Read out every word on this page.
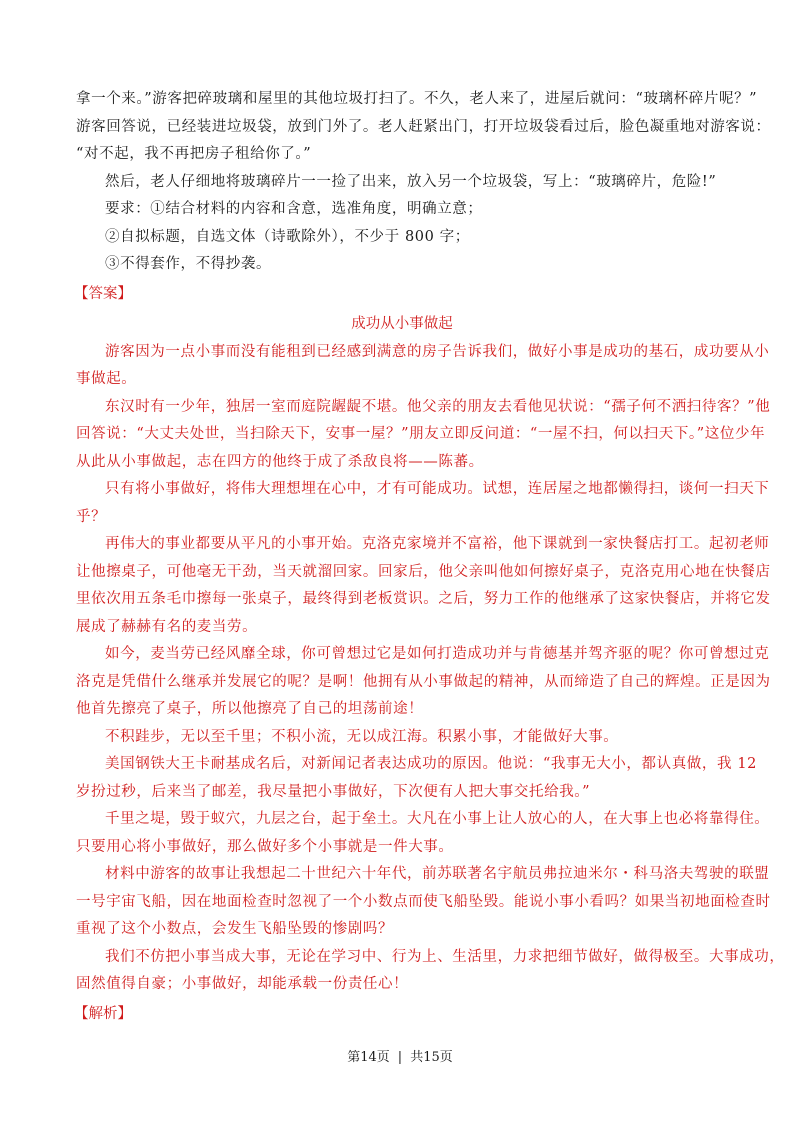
拿一个来。”游客把碎玻璃和屋里的其他垃圾打扫了。不久，老人来了，进屋后就问：“玻璃杯碎片呢？”
游客回答说，已经装进垃圾袋，放到门外了。老人赶紧出门，打开垃圾袋看过后，脸色凝重地对游客说：
“对不起，我不再把房子租给你了。”
然后，老人仔细地将玻璃碎片一一捡了出来，放入另一个垃圾袋，写上：“玻璃碎片，危险!”
要求：①结合材料的内容和含意，选准角度，明确立意；
②自拟标题，自选文体（诗歌除外），不少于 800 字；
③不得套作，不得抄袭。
【答案】
成功从小事做起
游客因为一点小事而没有能租到已经感到满意的房子告诉我们，做好小事是成功的基石，成功要从小
事做起。
东汉时有一少年，独居一室而庭院龌龊不堪。他父亲的朋友去看他见状说：“孺子何不洒扫待客？”他
回答说：“大丈夫处世，当扫除天下，安事一屋？”朋友立即反问道：“一屋不扫，何以扫天下。”这位少年
从此从小事做起，志在四方的他终于成了杀敌良将——陈蕃。
只有将小事做好，将伟大理想埋在心中，才有可能成功。试想，连居屋之地都懒得扫，谈何一扫天下
乎？
再伟大的事业都要从平凡的小事开始。克洛克家境并不富裕，他下课就到一家快餐店打工。起初老师
让他擦桌子，可他毫无干劲，当天就溜回家。回家后，他父亲叫他如何擦好桌子，克洛克用心地在快餐店
里依次用五条毛巾擦每一张桌子，最终得到老板赏识。之后，努力工作的他继承了这家快餐店，并将它发
展成了赫赫有名的麦当劳。
如今，麦当劳已经风靡全球，你可曾想过它是如何打造成功并与肯德基并驾齐驱的呢？你可曾想过克
洛克是凭借什么继承并发展它的呢？是啊！他拥有从小事做起的精神，从而缔造了自己的辉煌。正是因为
他首先擦亮了桌子，所以他擦亮了自己的坦荡前途！
不积跬步，无以至千里；不积小流，无以成江海。积累小事，才能做好大事。
美国钢铁大王卡耐基成名后，对新闻记者表达成功的原因。他说：“我事无大小，都认真做，我 12
岁扮过秒，后来当了邮差，我尽量把小事做好，下次便有人把大事交托给我。”
千里之堤，毁于蚁穴，九层之台，起于垒土。大凡在小事上让人放心的人，在大事上也必将靠得住。
只要用心将小事做好，那么做好多个小事就是一件大事。
材料中游客的故事让我想起二十世纪六十年代，前苏联著名宇航员弗拉迪米尔・科马洛夫驾驶的联盟
一号宇宙飞船，因在地面检查时忽视了一个小数点而使飞船坠毁。能说小事小看吗？如果当初地面检查时
重视了这个小数点，会发生飞船坠毁的惨剧吗？
我们不仿把小事当成大事，无论在学习中、行为上、生活里，力求把细节做好，做得极至。大事成功，
固然值得自豪；小事做好，却能承载一份责任心！
【解析】
第14页 | 共15页
